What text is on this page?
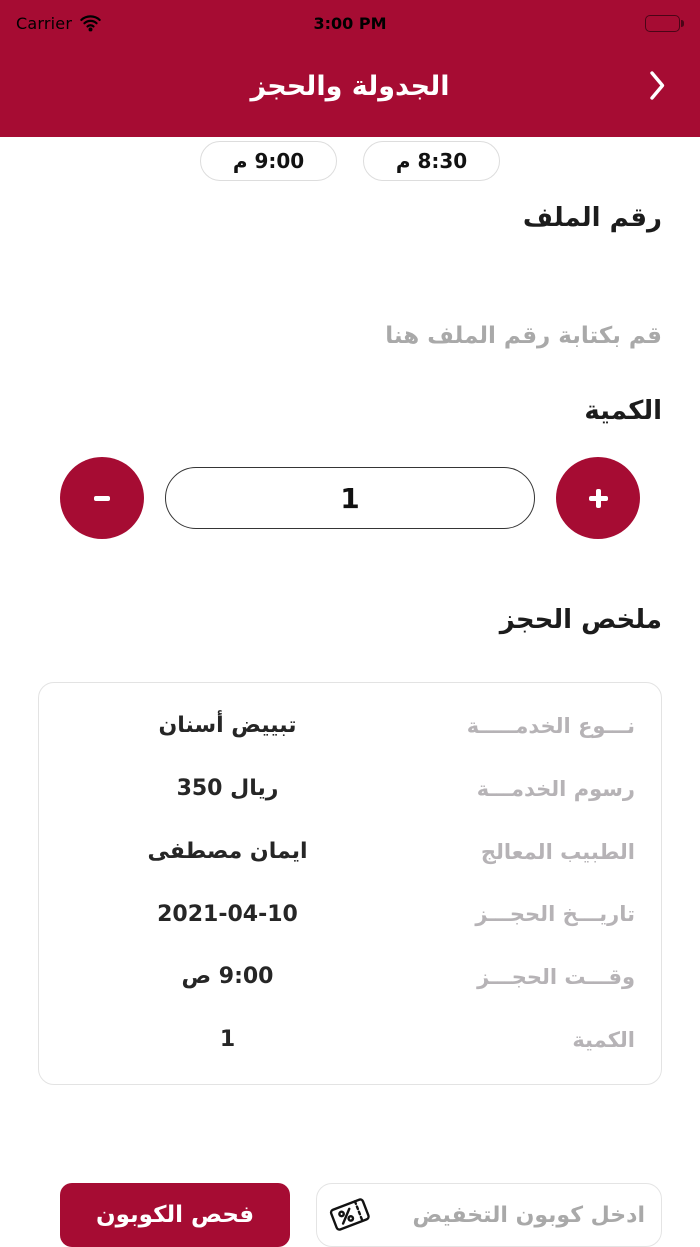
Carrier	3:00 PM
الجدولة والحجز
9:00 م	8:30 م
رقم الملف
قم بكتابة رقم الملف هنا
الكمية
1
ملخص الحجز
نـــوع الخدمـــــة
تبييض أسنان
رسوم الخدمـــة
ريال 350
الطبيب المعالج
ايمان مصطفى
تاريـــخ الحجـــز
2021-04-10
وقـــت الحجـــز
9:00 ص
الكمية
1
فحص الكوبون
ادخل كوبون التخفيض
